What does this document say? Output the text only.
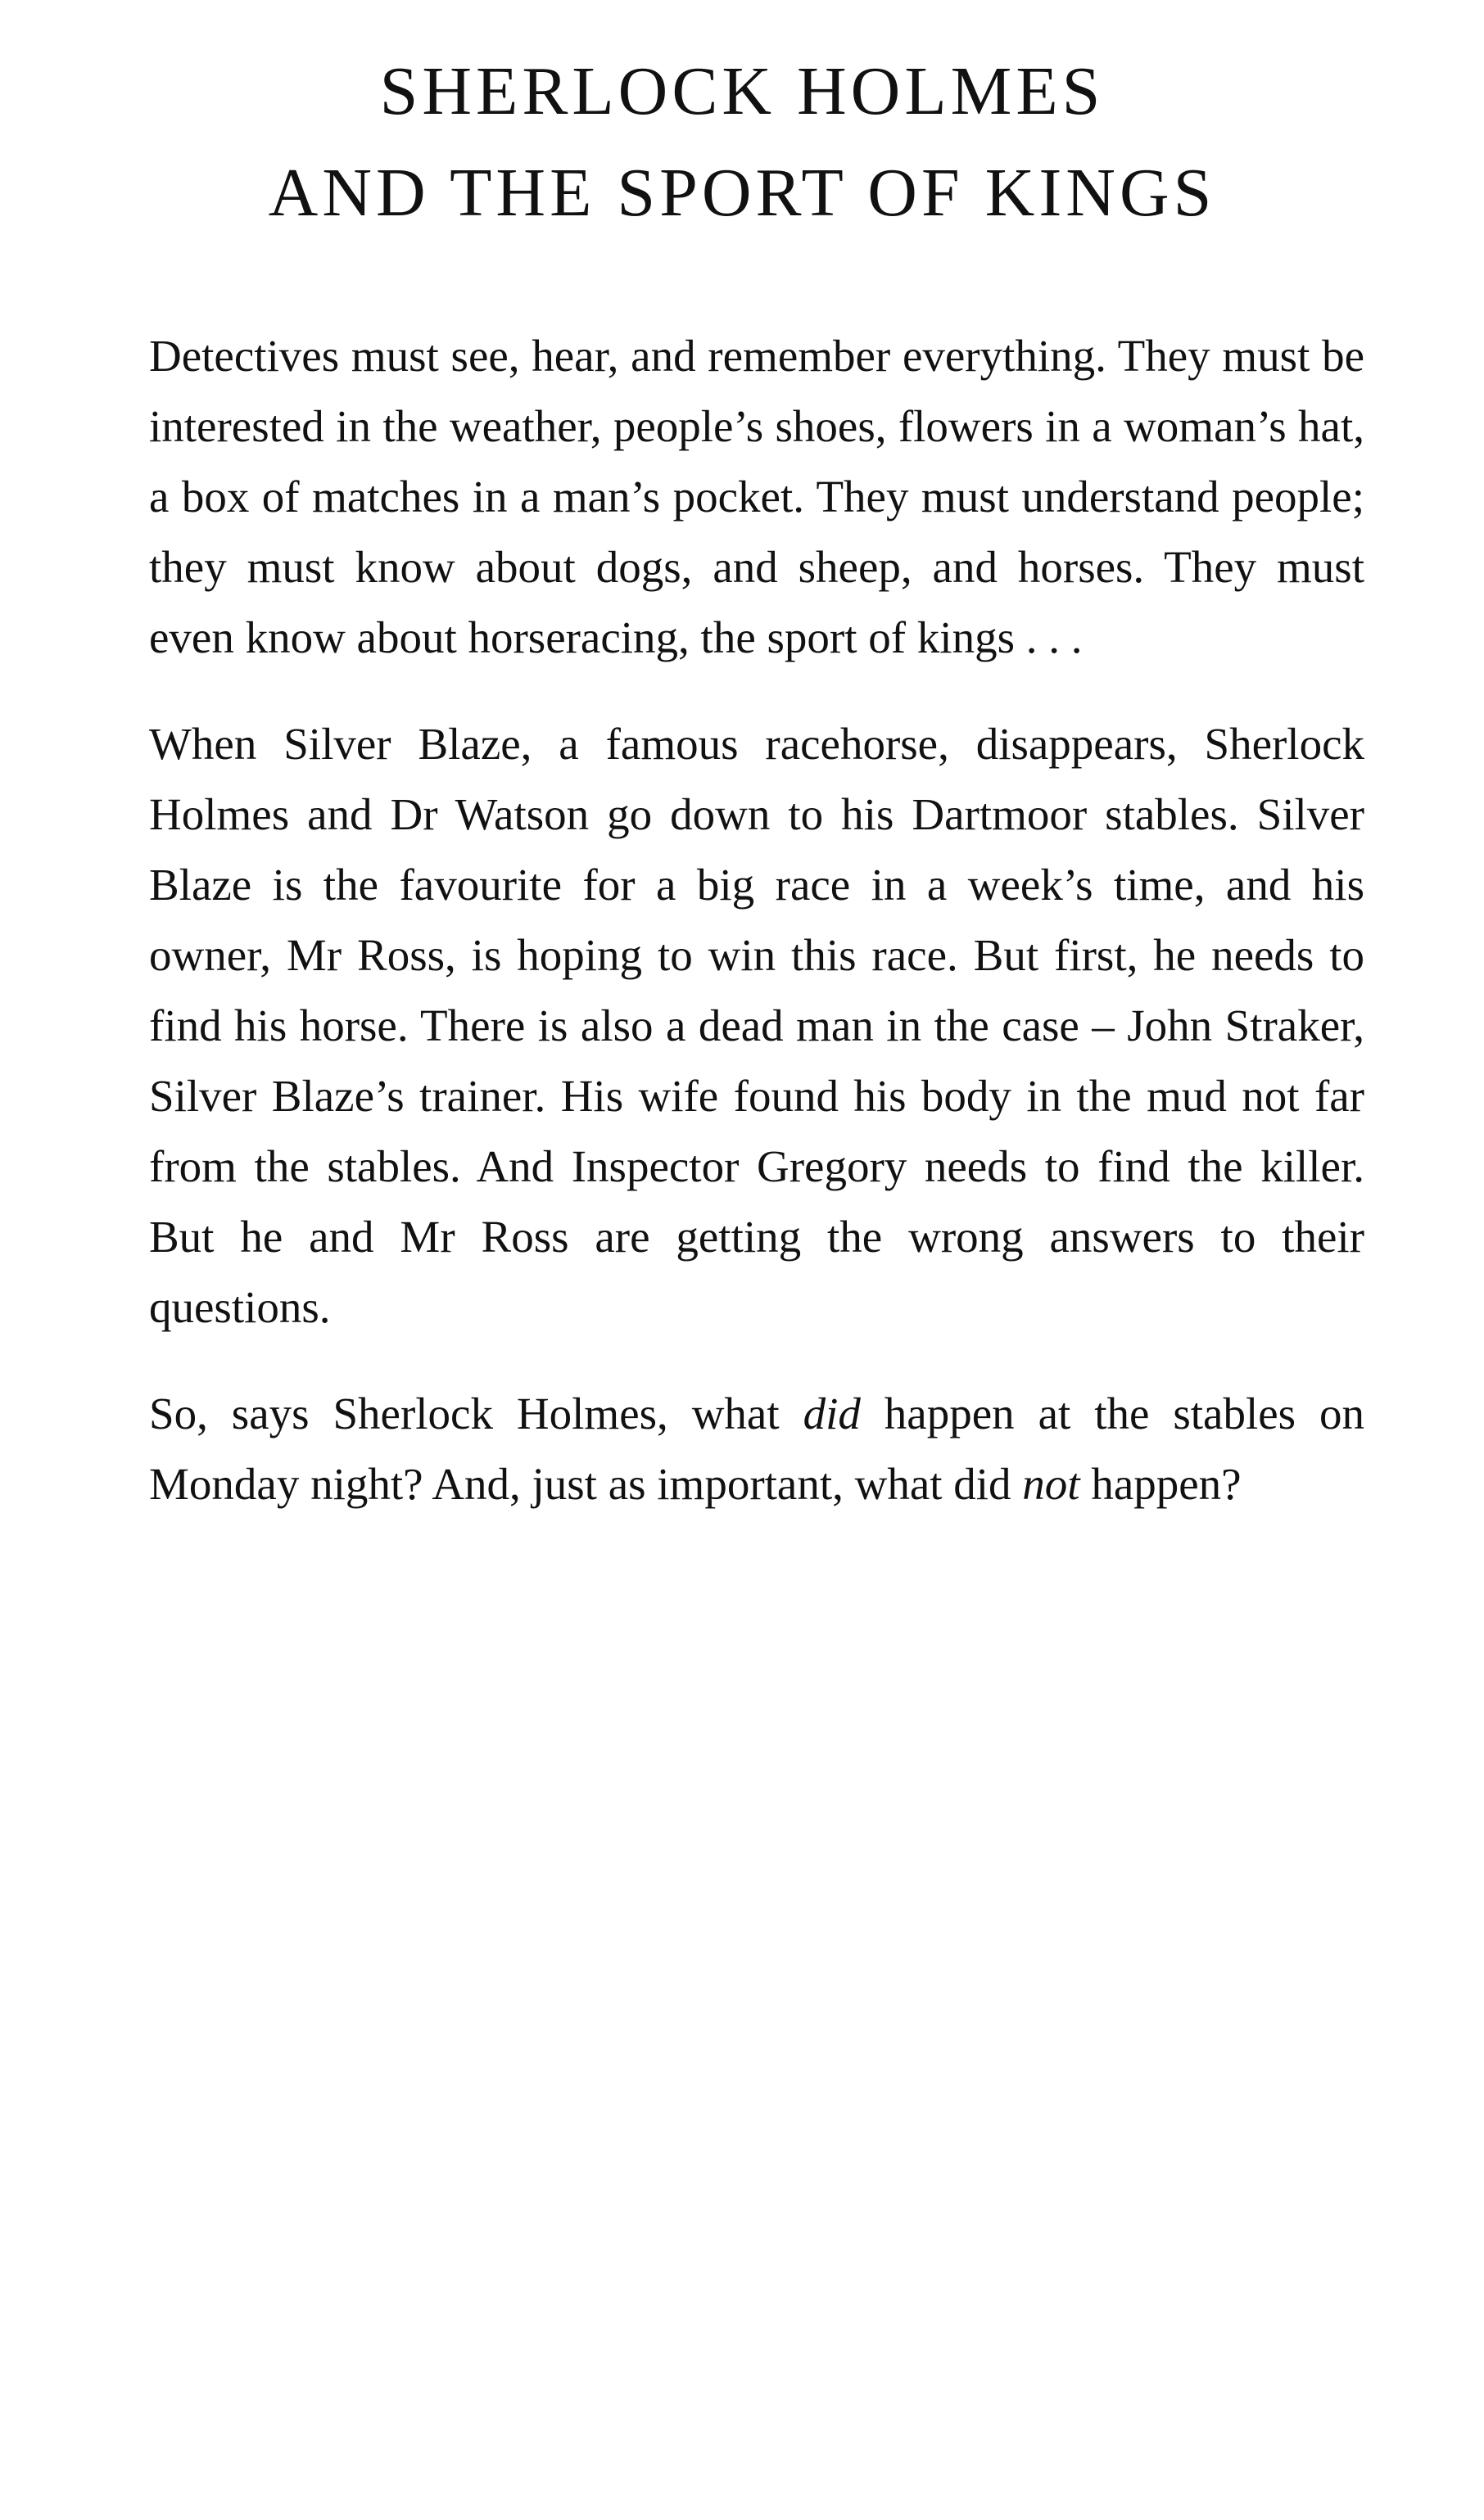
SHERLOCK HOLMES
AND THE SPORT OF KINGS

Detectives must see, hear, and remember everything. They must be interested in the weather, people’s shoes, flowers in a woman’s hat, a box of matches in a man’s pocket. They must understand people; they must know about dogs, and sheep, and horses. They must even know about horseracing, the sport of kings . . .

When Silver Blaze, a famous racehorse, disappears, Sherlock Holmes and Dr Watson go down to his Dartmoor stables. Silver Blaze is the favourite for a big race in a week’s time, and his owner, Mr Ross, is hoping to win this race. But first, he needs to find his horse. There is also a dead man in the case – John Straker, Silver Blaze’s trainer. His wife found his body in the mud not far from the stables. And Inspector Gregory needs to find the killer. But he and Mr Ross are getting the wrong answers to their questions.

So, says Sherlock Holmes, what did happen at the stables on Monday night? And, just as important, what did not happen?
